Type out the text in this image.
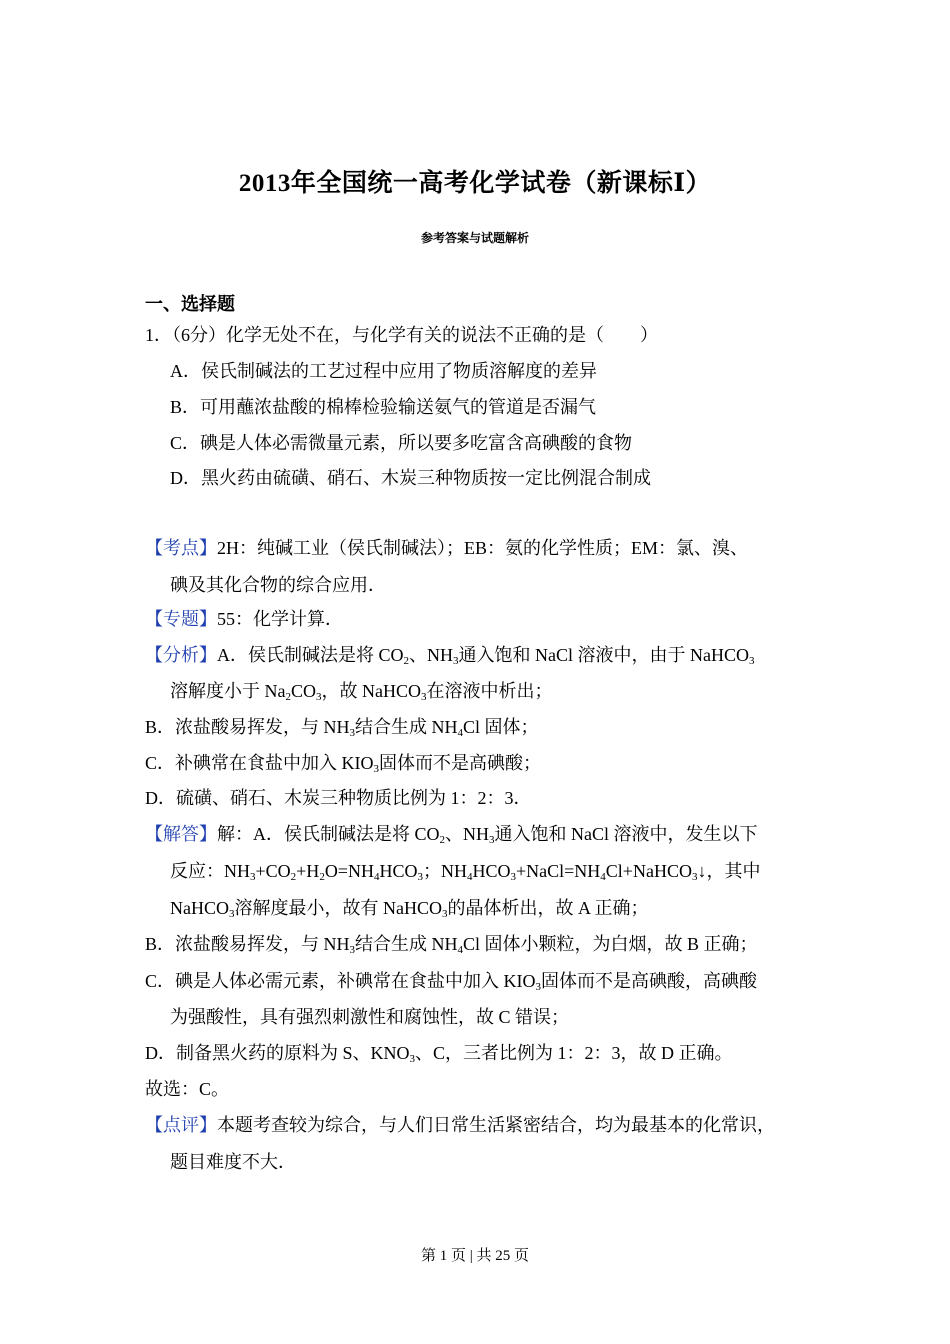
2013年全国统一高考化学试卷（新课标Ⅰ）
参考答案与试题解析
一、选择题
1．（6分）化学无处不在，与化学有关的说法不正确的是（　　）
A．侯氏制碱法的工艺过程中应用了物质溶解度的差异
B．可用蘸浓盐酸的棉棒检验输送氨气的管道是否漏气
C．碘是人体必需微量元素，所以要多吃富含高碘酸的食物
D．黑火药由硫磺、硝石、木炭三种物质按一定比例混合制成
【考点】2H：纯碱工业（侯氏制碱法）；EB：氨的化学性质；EM：氯、溴、
碘及其化合物的综合应用．
【专题】55：化学计算．
【分析】A．侯氏制碱法是将 $CO_2$、$NH_3$通入饱和 NaCl 溶液中，由于 NaHCO$_3$
溶解度小于 $Na_2CO_3$，故 NaHCO$_3$在溶液中析出；
B．浓盐酸易挥发，与 $NH_3$结合生成 $NH_4Cl$ 固体；
C．补碘常在食盐中加入 $KIO_3$固体而不是高碘酸；
D．硫磺、硝石、木炭三种物质比例为 1：2：3．
【解答】解：A．侯氏制碱法是将 $CO_2$、$NH_3$通入饱和 NaCl 溶液中，发生以下
反应：$NH_3+CO_2+H_2O=NH_4HCO_3$；$NH_4HCO_3+NaCl=NH_4Cl+NaHCO_3↓$，其中
NaHCO$_3$溶解度最小，故有 NaHCO$_3$的晶体析出，故 A 正确；
B．浓盐酸易挥发，与 $NH_3$结合生成 $NH_4Cl$ 固体小颗粒，为白烟，故 B 正确；
C．碘是人体必需元素，补碘常在食盐中加入 $KIO_3$固体而不是高碘酸，高碘酸
为强酸性，具有强烈刺激性和腐蚀性，故 C 错误；
D．制备黑火药的原料为 S、$KNO_3$、C，三者比例为 1：2：3，故 D 正确。
故选：C。
【点评】本题考查较为综合，与人们日常生活紧密结合，均为最基本的化常识，
题目难度不大．
第 1 页 | 共 25 页
